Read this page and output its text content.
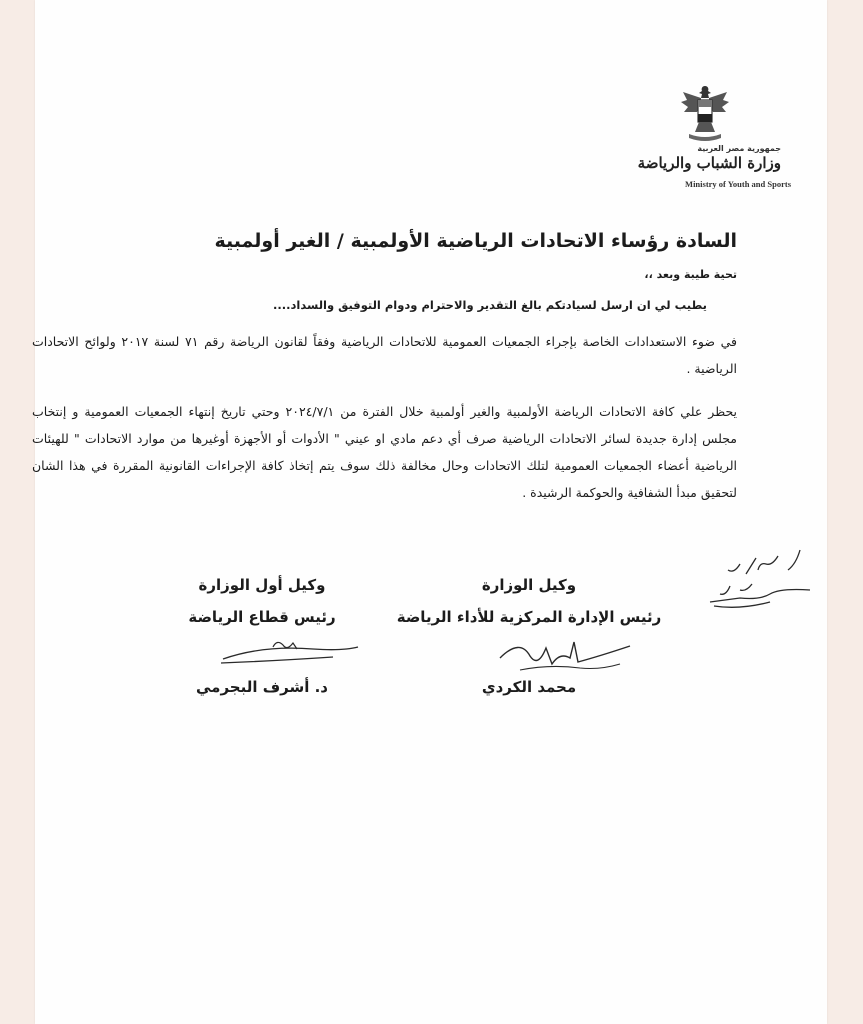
جمهورية مصر العربية
وزارة الشباب والرياضة
Ministry of Youth and Sports
السادة رؤساء الاتحادات الرياضية الأولمبية / الغير أولمبية
تحية طيبة وبعد ،،
يطيب لي ان ارسل لسيادتكم بالغ التقدير والاحترام ودوام التوفيق والسداد....
في ضوء الاستعدادات الخاصة بإجراء الجمعيات العمومية للاتحادات الرياضية وفقاً لقانون الرياضة رقم ٧١ لسنة ٢٠١٧ ولوائح الاتحادات الرياضية .
يحظر علي كافة الاتحادات الرياضة الأولمبية والغير أولمبية خلال الفترة من ٢٠٢٤/٧/١ وحتي تاريخ إنتهاء الجمعيات العمومية و إنتخاب مجلس إدارة جديدة لسائر الاتحادات الرياضية صرف أي دعم مادي او عيني " الأدوات أو الأجهزة أوغيرها من موارد الاتحادات " للهيئات الرياضية أعضاء الجمعيات العمومية لتلك الاتحادات وحال مخالفة ذلك سوف يتم إتخاذ كافة الإجراءات القانونية المقررة في هذا الشان لتحقيق مبدأ الشفافية والحوكمة الرشيدة .
وكيل الوزارة
رئيس الإدارة المركزية للأداء الرياضة
محمد الكردي
وكيل أول الوزارة
رئيس قطاع الرياضة
د. أشرف البجرمي
